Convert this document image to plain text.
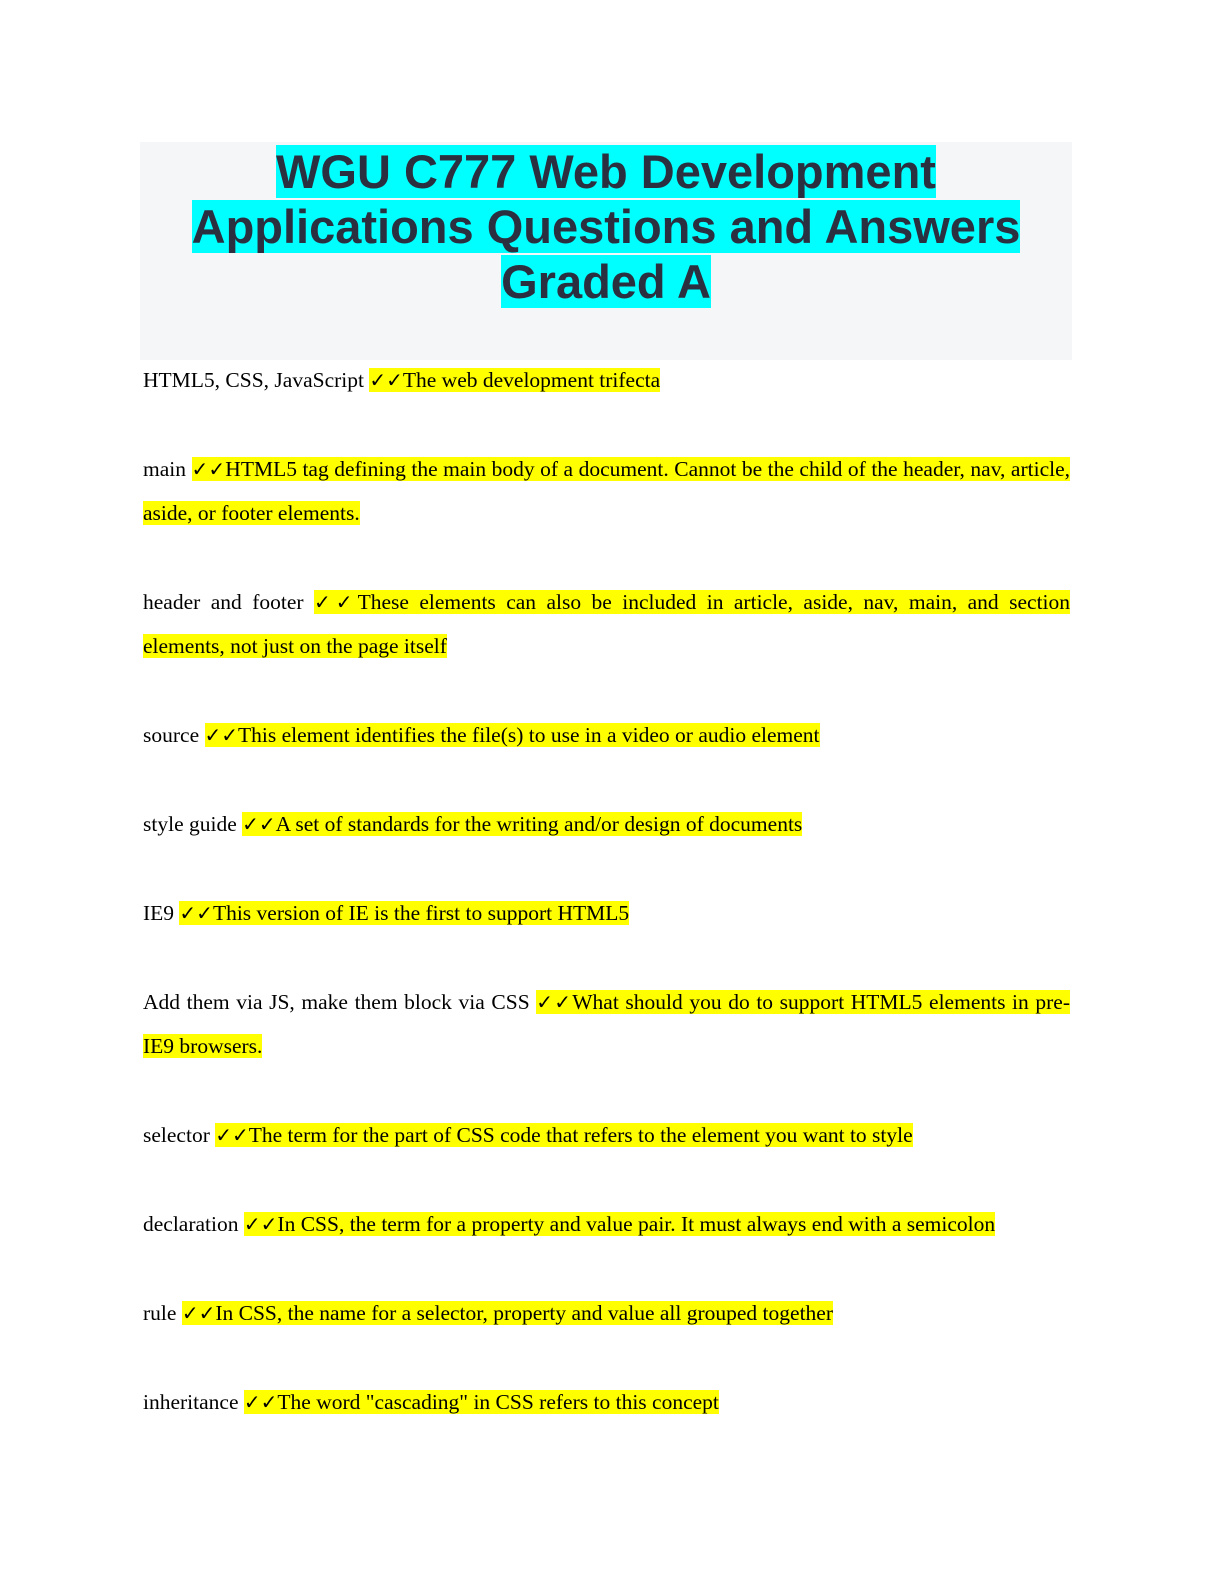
WGU C777 Web Development
Applications Questions and Answers
Graded A

HTML5, CSS, JavaScript ✓✓The web development trifecta

main ✓✓HTML5 tag defining the main body of a document. Cannot be the child of the header, nav, article, aside, or footer elements.

header and footer ✓✓These elements can also be included in article, aside, nav, main, and section elements, not just on the page itself

source ✓✓This element identifies the file(s) to use in a video or audio element

style guide ✓✓A set of standards for the writing and/or design of documents

IE9 ✓✓This version of IE is the first to support HTML5

Add them via JS, make them block via CSS ✓✓What should you do to support HTML5 elements in pre-IE9 browsers.

selector ✓✓The term for the part of CSS code that refers to the element you want to style

declaration ✓✓In CSS, the term for a property and value pair. It must always end with a semicolon

rule ✓✓In CSS, the name for a selector, property and value all grouped together

inheritance ✓✓The word "cascading" in CSS refers to this concept
